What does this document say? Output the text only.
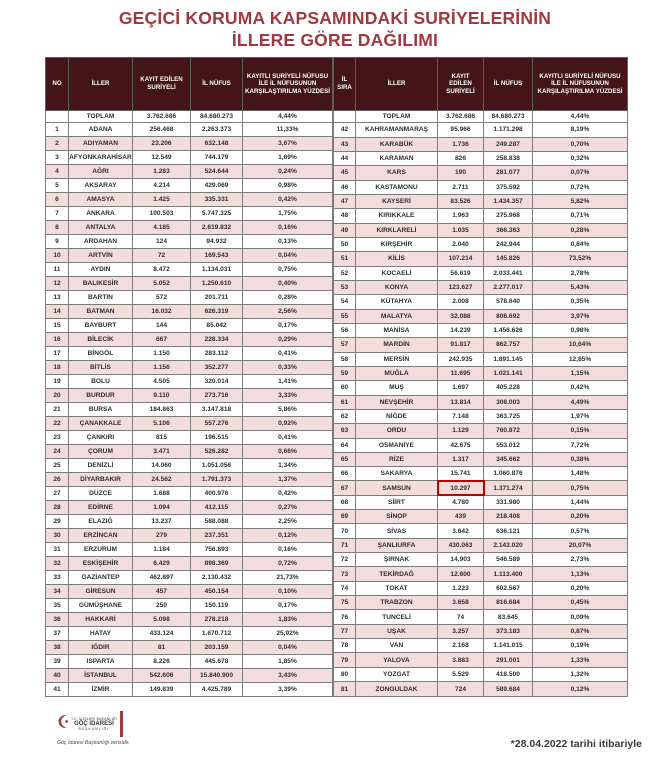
GEÇİCİ KORUMA KAPSAMINDAKİ SURİYELERİNİN
İLLERE GÖRE DAĞILIMI
NO	İLLER	KAYIT EDİLEN SURİYELİ	İL NÜFUS	KAYITLI SURİYELİ NÜFUSU İLE İL NÜFUSUNUN KARŞILAŞTIRILMA YÜZDESİ
	TOPLAM	3.762.686	84.680.273	4,44%
1	ADANA	256.468	2.263.373	11,33%
2	ADIYAMAN	23.206	632.148	3,67%
3	AFYONKARAHİSAR	12.549	744.179	1,69%
4	AĞRI	1.283	524.644	0,24%
5	AKSARAY	4.214	429.069	0,98%
6	AMASYA	1.425	335.331	0,42%
7	ANKARA	100.503	5.747.325	1,75%
8	ANTALYA	4.185	2.619.832	0,16%
9	ARDAHAN	124	94.932	0,13%
10	ARTVİN	72	169.543	0,04%
11	AYDIN	8.472	1.134.031	0,75%
12	BALIKESİR	5.052	1.250.610	0,40%
13	BARTIN	572	201.711	0,28%
14	BATMAN	16.032	626.319	2,56%
15	BAYBURT	144	85.042	0,17%
16	BİLECİK	667	228.334	0,29%
17	BİNGÖL	1.150	283.112	0,41%
18	BİTLİS	1.156	352.277	0,33%
19	BOLU	4.505	320.014	1,41%
20	BURDUR	9.110	273.716	3,33%
21	BURSA	184.863	3.147.818	5,86%
22	ÇANAKKALE	5.106	557.276	0,92%
23	ÇANKIRI	815	196.515	0,41%
24	ÇORUM	3.471	526.282	0,66%
25	DENİZLİ	14.060	1.051.056	1,34%
26	DİYARBAKIR	24.562	1.791.373	1,37%
27	DÜZCE	1.688	400.976	0,42%
28	EDİRNE	1.094	412.115	0,27%
29	ELAZIĞ	13.237	588.088	2,25%
30	ERZİNCAN	279	237.351	0,12%
31	ERZURUM	1.184	756.893	0,16%
32	ESKİŞEHİR	6.429	898.369	0,72%
33	GAZİANTEP	462.897	2.130.432	21,73%
34	GİRESUN	457	450.154	0,10%
35	GÜMÜŞHANE	250	150.119	0,17%
36	HAKKARİ	5.098	278.218	1,83%
37	HATAY	433.124	1.670.712	25,92%
38	IĞDIR	81	203.159	0,04%
39	ISPARTA	8.226	445.678	1,85%
40	İSTANBUL	542.606	15.840.900	3,43%
41	İZMİR	149.839	4.425.789	3,39%
İL SIRA	İLLER	KAYIT EDİLEN SURİYELİ	İL NÜFUS	KAYITLI SURİYELİ NÜFUSU İLE İL NÜFUSUNUN KARŞILAŞTIRILMA YÜZDESİ
	TOPLAM	3.762.686	84.680.273	4,44%
42	KAHRAMANMARAŞ	95.966	1.171.298	8,19%
43	KARABÜK	1.736	249.287	0,70%
44	KARAMAN	826	258.838	0,32%
45	KARS	190	281.077	0,07%
46	KASTAMONU	2.711	375.592	0,72%
47	KAYSERİ	83.526	1.434.357	5,82%
48	KIRIKKALE	1.963	275.968	0,71%
49	KIRKLARELİ	1.035	366.363	0,28%
50	KIRŞEHİR	2.040	242.944	0,84%
51	KİLİS	107.214	145.826	73,52%
52	KOCAELİ	56.619	2.033.441	2,78%
53	KONYA	123.627	2.277.017	5,43%
54	KÜTAHYA	2.008	578.640	0,35%
55	MALATYA	32.088	808.692	3,97%
56	MANİSA	14.239	1.456.626	0,98%
57	MARDİN	91.817	862.757	10,64%
58	MERSİN	242.935	1.891.145	12,85%
59	MUĞLA	11.695	1.021.141	1,15%
60	MUŞ	1.697	405.228	0,42%
61	NEVŞEHİR	13.814	308.003	4,49%
62	NİĞDE	7.148	363.725	1,97%
63	ORDU	1.129	760.872	0,15%
64	OSMANİYE	42.675	553.012	7,72%
65	RİZE	1.317	345.662	0,38%
66	SAKARYA	15.741	1.060.876	1,48%
67	SAMSUN	10.297	1.371.274	0,75%
68	SİİRT	4.780	331.980	1,44%
69	SİNOP	439	218.408	0,20%
70	SİVAS	3.642	636.121	0,57%
71	ŞANLIURFA	430.063	2.143.020	20,07%
72	ŞIRNAK	14.903	546.589	2,73%
73	TEKİRDAĞ	12.600	1.113.400	1,13%
74	TOKAT	1.223	602.567	0,20%
75	TRABZON	3.658	816.684	0,45%
76	TUNCELİ	74	83.645	0,09%
77	UŞAK	3.257	373.183	0,87%
78	VAN	2.168	1.141.015	0,19%
79	YALOVA	3.883	291.001	1,33%
80	YOZGAT	5.529	418.500	1,32%
81	ZONGULDAK	724	589.684	0,12%
T.C. İÇİŞLERİ BAKANLIĞI
GÖÇ İDARESİ
BAŞKANLIĞI
Göç İdaresi Başkanlığı verisidir.	*28.04.2022 tarihi itibariyle
